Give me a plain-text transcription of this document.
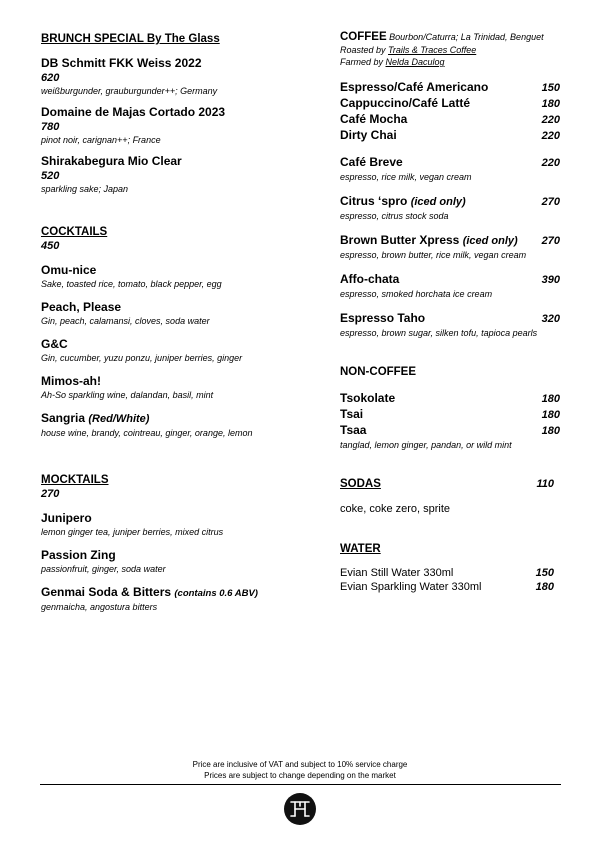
BRUNCH SPECIAL By The Glass
DB Schmitt FKK Weiss 2022
620
weißburgunder, grauburgunder++; Germany
Domaine de Majas Cortado 2023
780
pinot noir, carignan++; France
Shirakabegura Mio Clear
520
sparkling sake; Japan
COCKTAILS
450
Omu-nice
Sake, toasted rice, tomato, black pepper, egg
Peach, Please
Gin, peach, calamansi, cloves, soda water
G&C
Gin, cucumber, yuzu ponzu, juniper berries, ginger
Mimos-ah!
Ah-So sparkling wine, dalandan, basil, mint
Sangria (Red/White)
house wine, brandy, cointreau, ginger, orange, lemon
MOCKTAILS
270
Junipero
lemon ginger tea, juniper berries, mixed citrus
Passion Zing
passionfruit, ginger, soda water
Genmai Soda & Bitters (contains 0.6 ABV)
genmaicha, angostura bitters
COFFEE Bourbon/Caturra; La Trinidad, Benguet
Roasted by Trails & Traces Coffee
Farmed by Nelda Daculog
Espresso/Café Americano	150
Cappuccino/Café Latté	180
Café Mocha	220
Dirty Chai	220
Café Breve	220
espresso, rice milk, vegan cream
Citrus ‘spro (iced only)	270
espresso, citrus stock soda
Brown Butter Xpress (iced only) 270
espresso, brown butter, rice milk, vegan cream
Affo-chata	390
espresso, smoked horchata ice cream
Espresso Taho	320
espresso, brown sugar, silken tofu, tapioca pearls
NON-COFFEE
Tsokolate	180
Tsai	180
Tsaa	180
tanglad, lemon ginger, pandan, or wild mint
SODAS	110
coke, coke zero, sprite
WATER
Evian Still Water 330ml	150
Evian Sparkling Water 330ml	180
Price are inclusive of VAT and subject to 10% service charge
Prices are subject to change depending on the market
